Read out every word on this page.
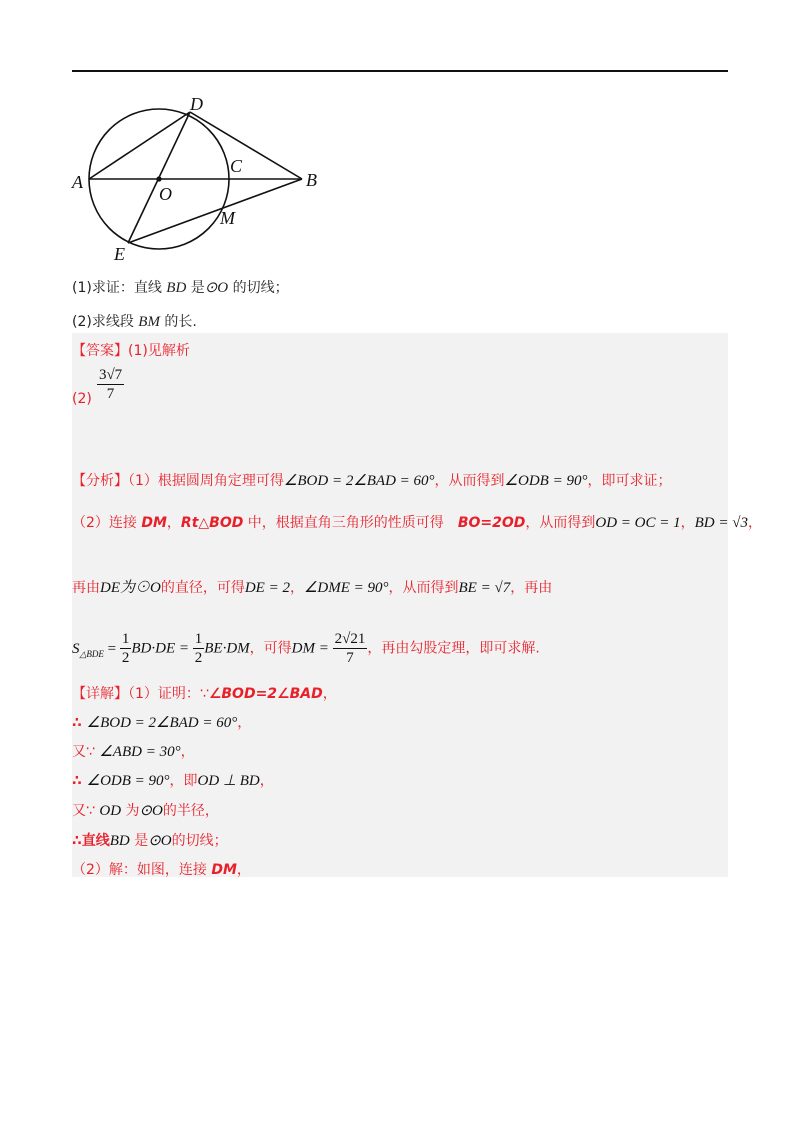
A	B
C
D
E
O
M
(1)求证：直线 BD 是⊙O 的切线；
(2)求线段 BM 的长.
【答案】(1)见解析
$(2) \frac{3√7}{7}$
【分析】（1）根据圆周角定理可得∠BOD = 2∠BAD = 60°，从而得到∠ODB = 90°，即可求证；
（2）连接 DM，Rt△BOD 中，根据直角三角形的性质可得　BO=2OD，从而得到OD = OC = 1，BD = √3，
再由DE为⊙O的直径，可得DE = 2，∠DME = 90°，从而得到BE = √7，再由
$S_{\triangle BDE} = \frac{1}{2} BD\cdot DE = \frac{1}{2} BE\cdot DM$，可得DM = $\frac{2√21}{7}$ ，再由勾股定理，即可求解.
【详解】（1）证明：∵∠BOD=2∠BAD，
∴ ∠BOD = 2∠BAD = 60°，
又∵ ∠ABD = 30°，
∴ ∠ODB = 90°，即OD ⊥ BD，
又∵ OD 为⊙O的半径，
∴直线BD 是⊙O的切线；
（2）解：如图，连接 DM，
